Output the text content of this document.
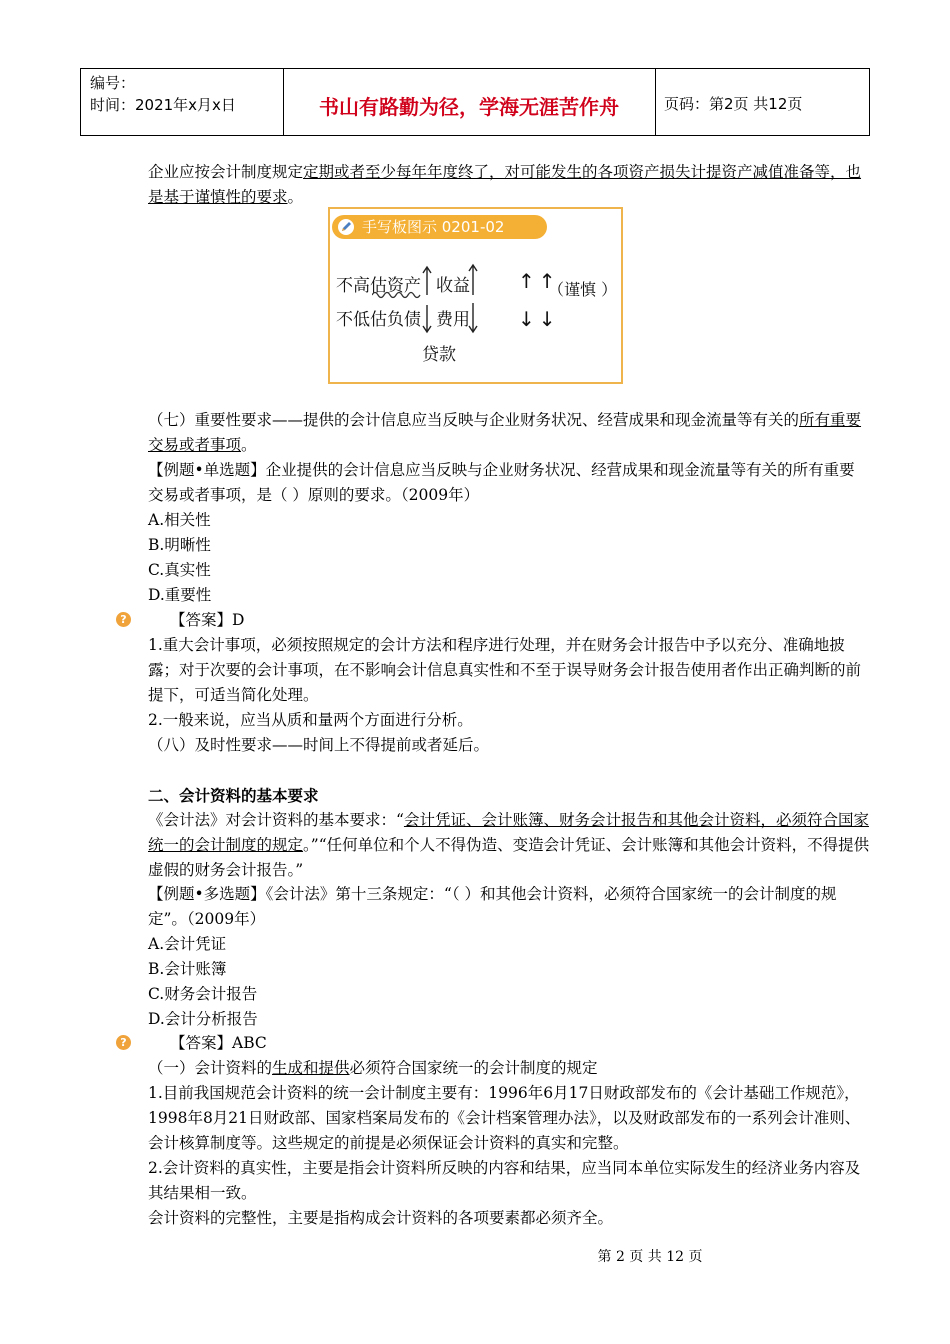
编号：
时间：2021年x月x日	书山有路勤为径，学海无涯苦作舟	页码：第2页 共12页
企业应按会计制度规定定期或者至少每年年度终了，对可能发生的各项资产损失计提资产减值准备等，也是基于谨慎性的要求。
手写板图示 0201-02
不高估资产 收益
不低估负债 费用
贷款
↑↑
（谨慎 ）
↓↓
（七）重要性要求——提供的会计信息应当反映与企业财务状况、经营成果和现金流量等有关的所有重要交易或者事项。
【例题•单选题】企业提供的会计信息应当反映与企业财务状况、经营成果和现金流量等有关的所有重要交易或者事项，是（ ）原则的要求。（2009年）
A.相关性
B.明晰性
C.真实性
D.重要性
?	【答案】D
1.重大会计事项，必须按照规定的会计方法和程序进行处理，并在财务会计报告中予以充分、准确地披露；对于次要的会计事项，在不影响会计信息真实性和不至于误导财务会计报告使用者作出正确判断的前提下，可适当简化处理。
2.一般来说，应当从质和量两个方面进行分析。
（八）及时性要求——时间上不得提前或者延后。
二、会计资料的基本要求
《会计法》对会计资料的基本要求：“会计凭证、会计账簿、财务会计报告和其他会计资料，必须符合国家统一的会计制度的规定。”“任何单位和个人不得伪造、变造会计凭证、会计账簿和其他会计资料，不得提供虚假的财务会计报告。”
【例题•多选题】《会计法》第十三条规定：“（ ）和其他会计资料，必须符合国家统一的会计制度的规定”。（2009年）
A.会计凭证
B.会计账簿
C.财务会计报告
D.会计分析报告
?	【答案】ABC
（一）会计资料的生成和提供必须符合国家统一的会计制度的规定
1.目前我国规范会计资料的统一会计制度主要有：1996年6月17日财政部发布的《会计基础工作规范》，1998年8月21日财政部、国家档案局发布的《会计档案管理办法》，以及财政部发布的一系列会计准则、会计核算制度等。这些规定的前提是必须保证会计资料的真实和完整。
2.会计资料的真实性，主要是指会计资料所反映的内容和结果，应当同本单位实际发生的经济业务内容及其结果相一致。
会计资料的完整性，主要是指构成会计资料的各项要素都必须齐全。
第 2 页 共 12 页
